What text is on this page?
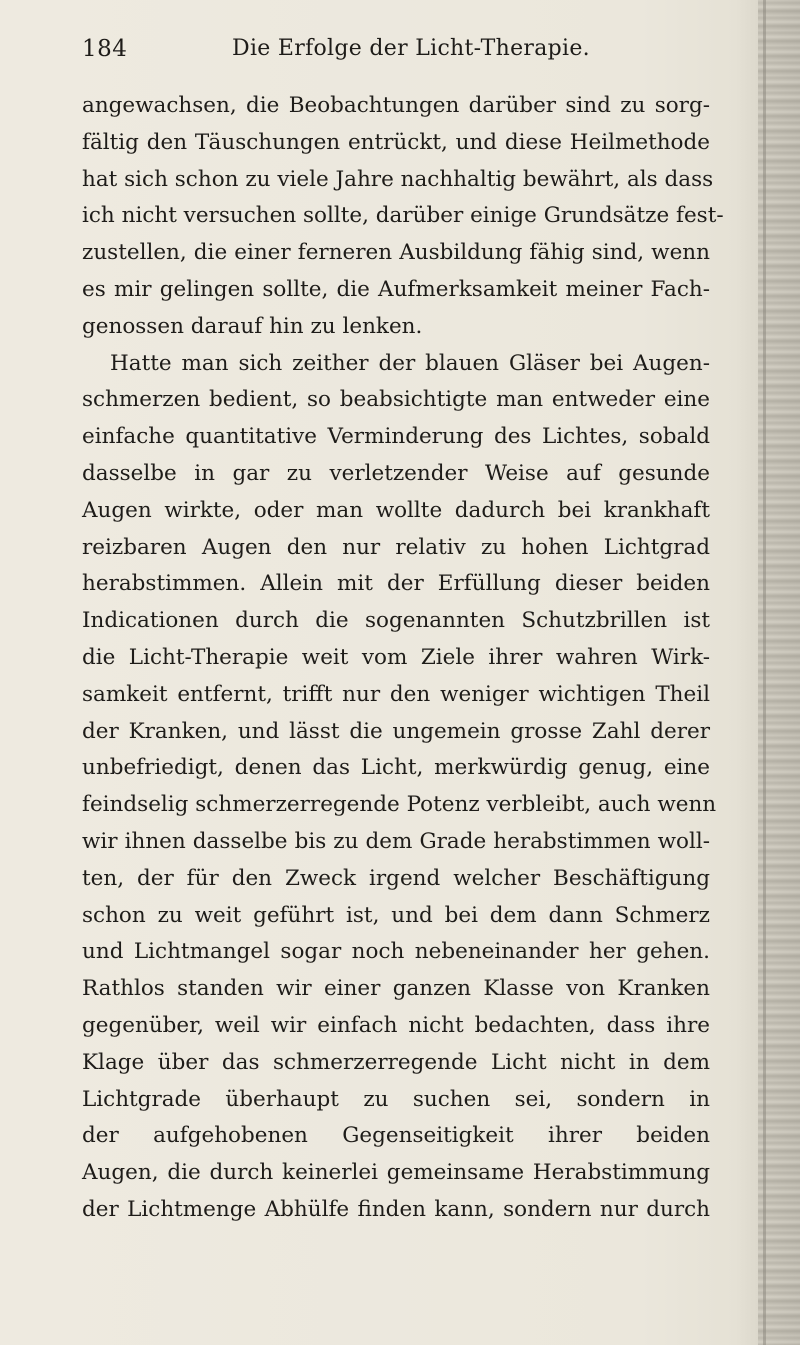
184	Die Erfolge der Licht-Therapie.
angewachsen, die Beobachtungen darüber sind zu sorg-
fältig den Täuschungen entrückt, und diese Heilmethode
hat sich schon zu viele Jahre nachhaltig bewährt, als dass
ich nicht versuchen sollte, darüber einige Grundsätze fest-
zustellen, die einer ferneren Ausbildung fähig sind, wenn
es mir gelingen sollte, die Aufmerksamkeit meiner Fach-
genossen darauf hin zu lenken.
Hatte man sich zeither der blauen Gläser bei Augen-
schmerzen bedient, so beabsichtigte man entweder eine
einfache quantitative Verminderung des Lichtes, sobald
dasselbe in gar zu verletzender Weise auf gesunde
Augen wirkte, oder man wollte dadurch bei krankhaft
reizbaren Augen den nur relativ zu hohen Lichtgrad
herabstimmen. Allein mit der Erfüllung dieser beiden
Indicationen durch die sogenannten Schutzbrillen ist
die Licht-Therapie weit vom Ziele ihrer wahren Wirk-
samkeit entfernt, trifft nur den weniger wichtigen Theil
der Kranken, und lässt die ungemein grosse Zahl derer
unbefriedigt, denen das Licht, merkwürdig genug, eine
feindselig schmerzerregende Potenz verbleibt, auch wenn
wir ihnen dasselbe bis zu dem Grade herabstimmen woll-
ten, der für den Zweck irgend welcher Beschäftigung
schon zu weit geführt ist, und bei dem dann Schmerz
und Lichtmangel sogar noch nebeneinander her gehen.
Rathlos standen wir einer ganzen Klasse von Kranken
gegenüber, weil wir einfach nicht bedachten, dass ihre
Klage über das schmerzerregende Licht nicht in dem
Lichtgrade überhaupt zu suchen sei, sondern in
der aufgehobenen Gegenseitigkeit ihrer beiden
Augen, die durch keinerlei gemeinsame Herabstimmung
der Lichtmenge Abhülfe finden kann, sondern nur durch
